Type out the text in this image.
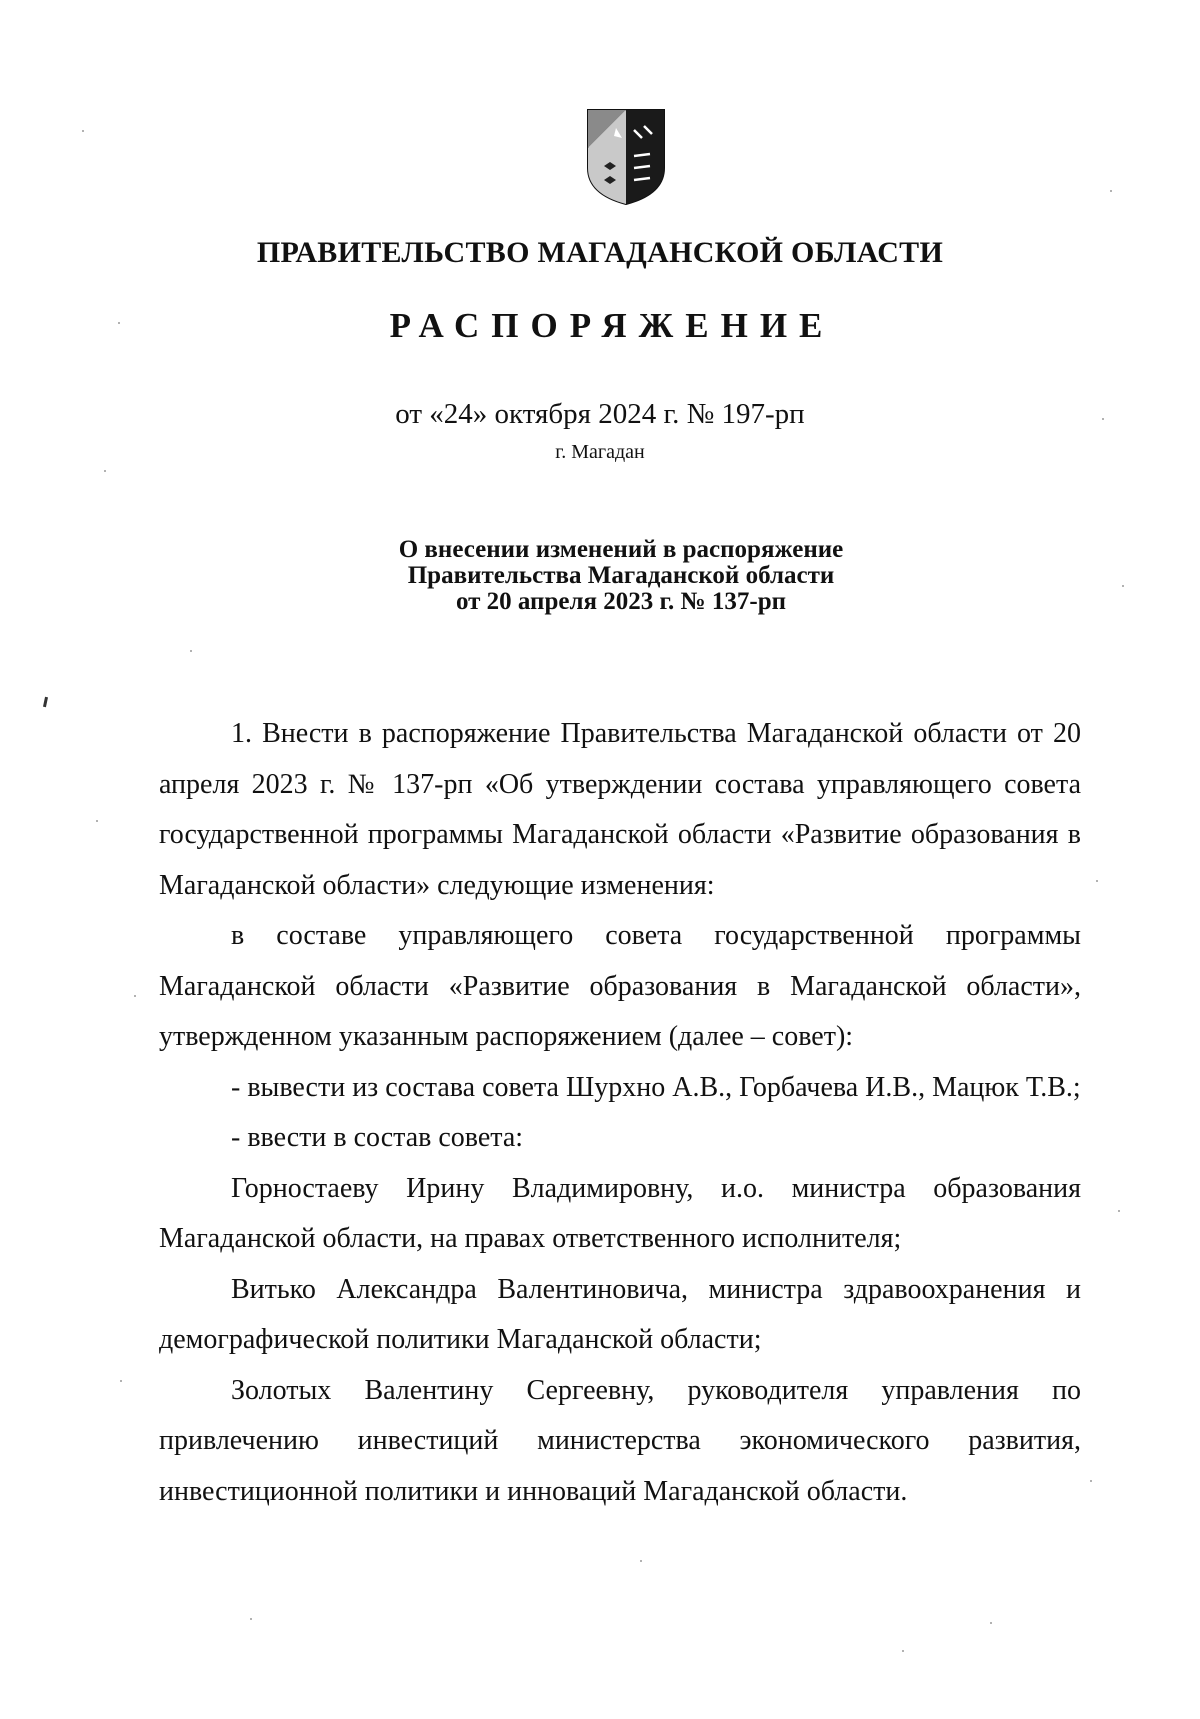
ПРАВИТЕЛЬСТВО МАГАДАНСКОЙ ОБЛАСТИ
РАСПОРЯЖЕНИЕ
от «24» октября 2024 г. № 197-рп
г. Магадан
О внесении изменений в распоряжение
Правительства Магаданской области
от 20 апреля 2023 г. № 137-рп

1. Внести в распоряжение Правительства Магаданской области от 20 апреля 2023 г. № 137-рп «Об утверждении состава управляющего совета государственной программы Магаданской области «Развитие образования в Магаданской области» следующие изменения:

в составе управляющего совета государственной программы Магаданской области «Развитие образования в Магаданской области», утвержденном указанным распоряжением (далее – совет):

- вывести из состава совета Шурхно А.В., Горбачева И.В., Мацюк Т.В.;

- ввести в состав совета:

Горностаеву Ирину Владимировну, и.о. министра образования Магаданской области, на правах ответственного исполнителя;

Витько Александра Валентиновича, министра здравоохранения и демографической политики Магаданской области;

Золотых Валентину Сергеевну, руководителя управления по привлечению инвестиций министерства экономического развития, инвестиционной политики и инноваций Магаданской области.
